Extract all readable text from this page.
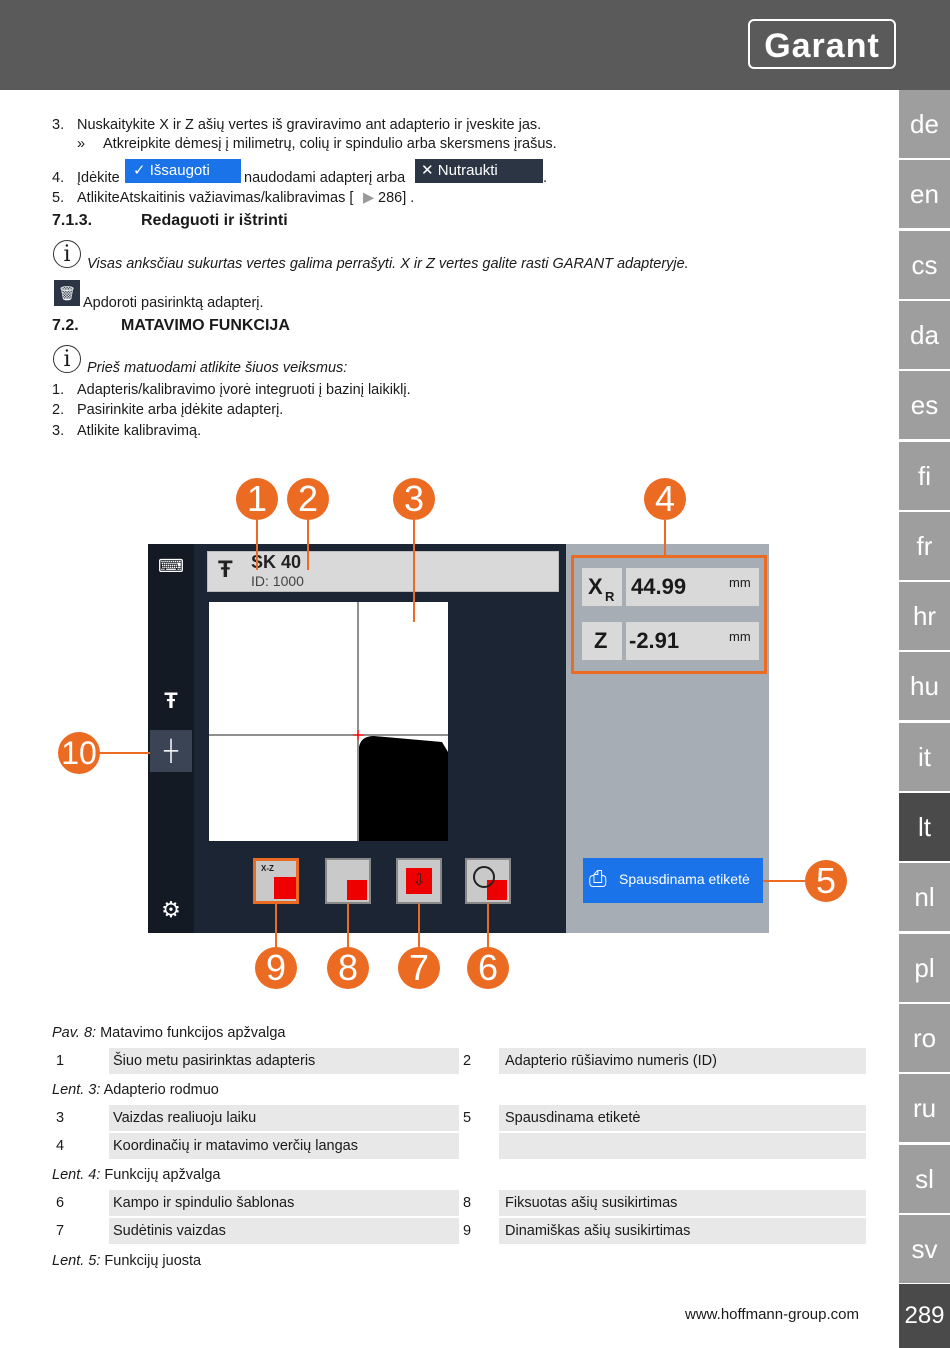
Garant
de
en
cs
da
es
fi
fr
hr
hu
it
lt
nl
pl
ro
ru
sl
sv
289
3. Nuskaitykite X ir Z ašių vertes iš graviravimo ant adapterio ir įveskite jas.
» Atkreipkite dėmesį į milimetrų, colių ir spindulio arba skersmens įrašus.
4. Įdėkite ✓ Išsaugoti	naudodami adapterį arba	✕ Nutraukti	.
5. AtlikiteAtskaitinis važiavimas/kalibravimas [ ▶ 286] .
7.1.3.	Redaguoti ir ištrinti
i	Visas anksčiau sukurtas vertes galima perrašyti. X ir Z vertes galite rasti GARANT adapteryje.
🗑
Apdoroti pasirinktą adapterį.
7.2.	MATAVIMO FUNKCIJA
i	Prieš matuodami atlikite šiuos veiksmus:
1. Adapteris/kalibravimo įvorė integruoti į bazinį laikiklį.
2. Pasirinkite arba įdėkite adapterį.
3. Atlikite kalibravimą.
⌨
Ŧ
┼
⚙
Ŧ SK 40
ID: 1000	X R 44.99	mm
Z -2.91	mm
⎙ Spausdinama etiketė
X-Z
⇩
1 2	3	4
5
6
7
8
9
10
Pav. 8: Matavimo funkcijos apžvalga
1	Šiuo metu pasirinktas adapteris	2	Adapterio rūšiavimo numeris (ID)
Lent. 3: Adapterio rodmuo
3	Vaizdas realiuoju laiku	5	Spausdinama etiketė
4	Koordinačių ir matavimo verčių langas
Lent. 4: Funkcijų apžvalga
6	Kampo ir spindulio šablonas	8	Fiksuotas ašių susikirtimas
7	Sudėtinis vaizdas	9	Dinamiškas ašių susikirtimas
Lent. 5: Funkcijų juosta
www.hoffmann-group.com
